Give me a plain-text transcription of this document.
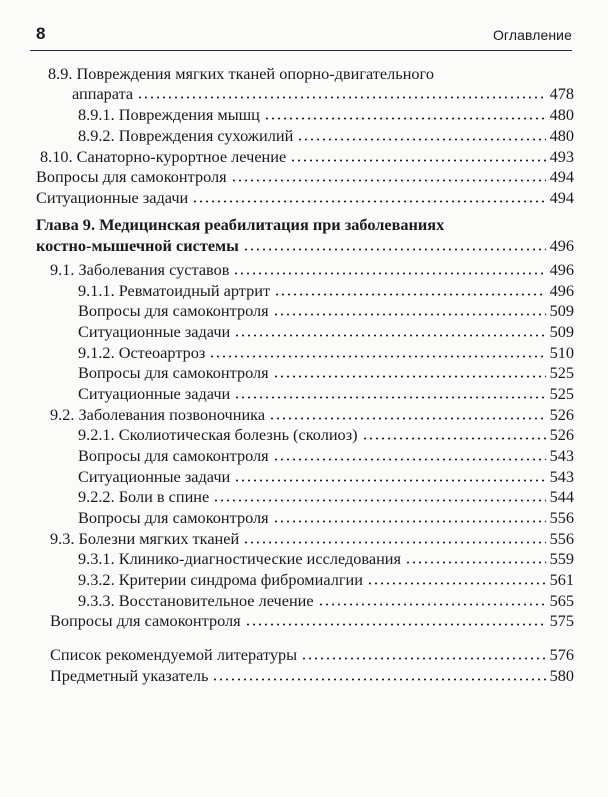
8	Оглавление
8.9. Повреждения мягких тканей опорно-двигательного
аппарата	478
8.9.1. Повреждения мышц	480
8.9.2. Повреждения сухожилий	480
8.10. Санаторно-курортное лечение	493
Вопросы для самоконтроля	494
Ситуационные задачи	494
Глава 9. Медицинская реабилитация при заболеваниях
костно-мышечной системы	496
9.1. Заболевания суставов	496
9.1.1. Ревматоидный артрит	496
Вопросы для самоконтроля	509
Ситуационные задачи	509
9.1.2. Остеоартроз	510
Вопросы для самоконтроля	525
Ситуационные задачи	525
9.2. Заболевания позвоночника	526
9.2.1. Сколиотическая болезнь (сколиоз)	526
Вопросы для самоконтроля	543
Ситуационные задачи	543
9.2.2. Боли в спине	544
Вопросы для самоконтроля	556
9.3. Болезни мягких тканей	556
9.3.1. Клинико-диагностические исследования	559
9.3.2. Критерии синдрома фибромиалгии	561
9.3.3. Восстановительное лечение	565
Вопросы для самоконтроля	575
Список рекомендуемой литературы	576
Предметный указатель	580
